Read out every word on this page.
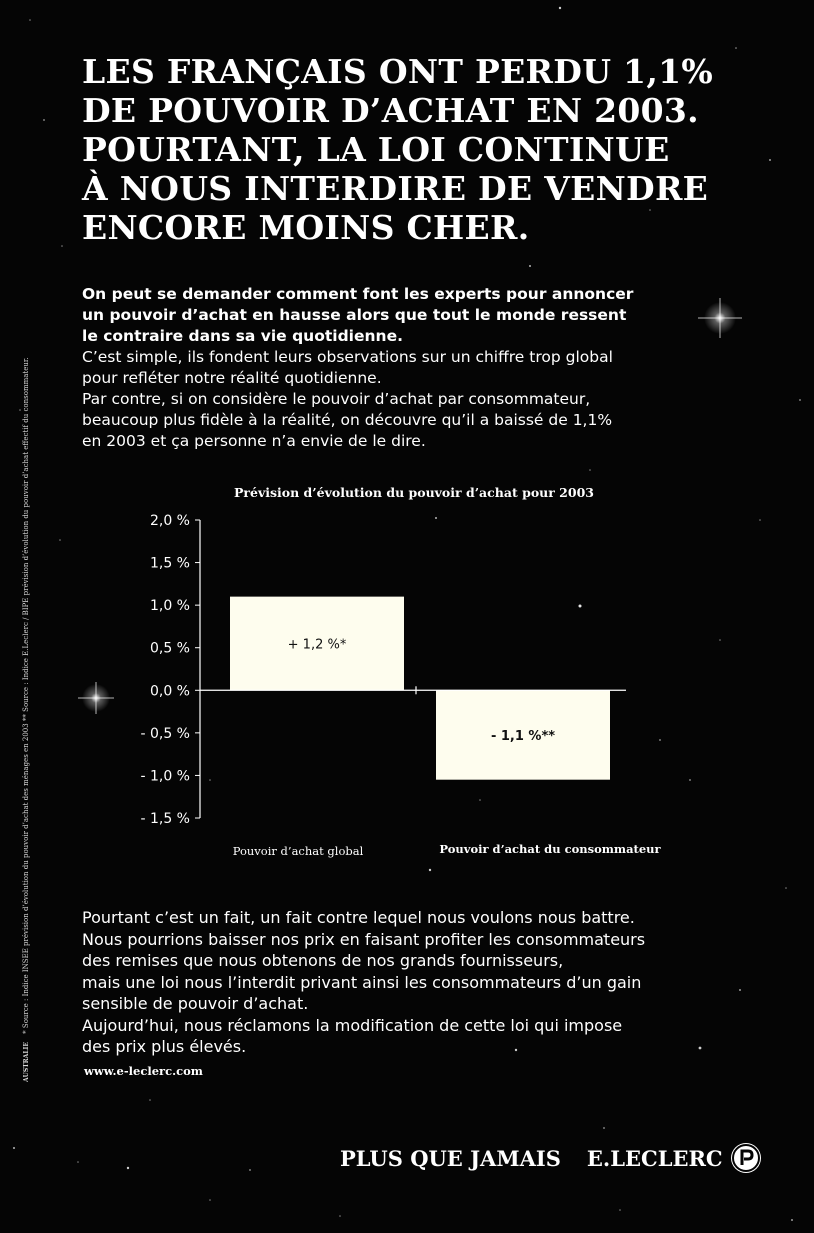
LES FRANÇAIS ONT PERDU 1,1%
DE POUVOIR D’ACHAT EN 2003.
POURTANT, LA LOI CONTINUE
À NOUS INTERDIRE DE VENDRE
ENCORE MOINS CHER.
On peut se demander comment font les experts pour annoncer
un pouvoir d’achat en hausse alors que tout le monde ressent
le contraire dans sa vie quotidienne.
C’est simple, ils fondent leurs observations sur un chiffre trop global
pour refléter notre réalité quotidienne.
Par contre, si on considère le pouvoir d’achat par consommateur,
beaucoup plus fidèle à la réalité, on découvre qu’il a baissé de 1,1%
en 2003 et ça personne n’a envie de le dire.
Prévision d’évolution du pouvoir d’achat pour 2003
2,0 %
1,5 %
1,0 %
0,5 %
0,0 %
- 0,5 %
- 1,0 %
- 1,5 %
+ 1,2 %*
- 1,1 %**
Pouvoir d’achat global	Pouvoir d’achat du consommateur
Pourtant c’est un fait, un fait contre lequel nous voulons nous battre.
Nous pourrions baisser nos prix en faisant profiter les consommateurs
des remises que nous obtenons de nos grands fournisseurs,
mais une loi nous l’interdit privant ainsi les consommateurs d’un gain
sensible de pouvoir d’achat.
Aujourd’hui, nous réclamons la modification de cette loi qui impose
des prix plus élevés.
www.e-leclerc.com
AUSTRALIE * Source : Indice INSEE prévision d’évolution du pouvoir d’achat des ménages en 2003 ** Source : Indice E.Leclerc / BIPE prévision d’évolution du pouvoir d’achat effectif du consommateur.
PLUS QUE JAMAIS E.LECLERC
